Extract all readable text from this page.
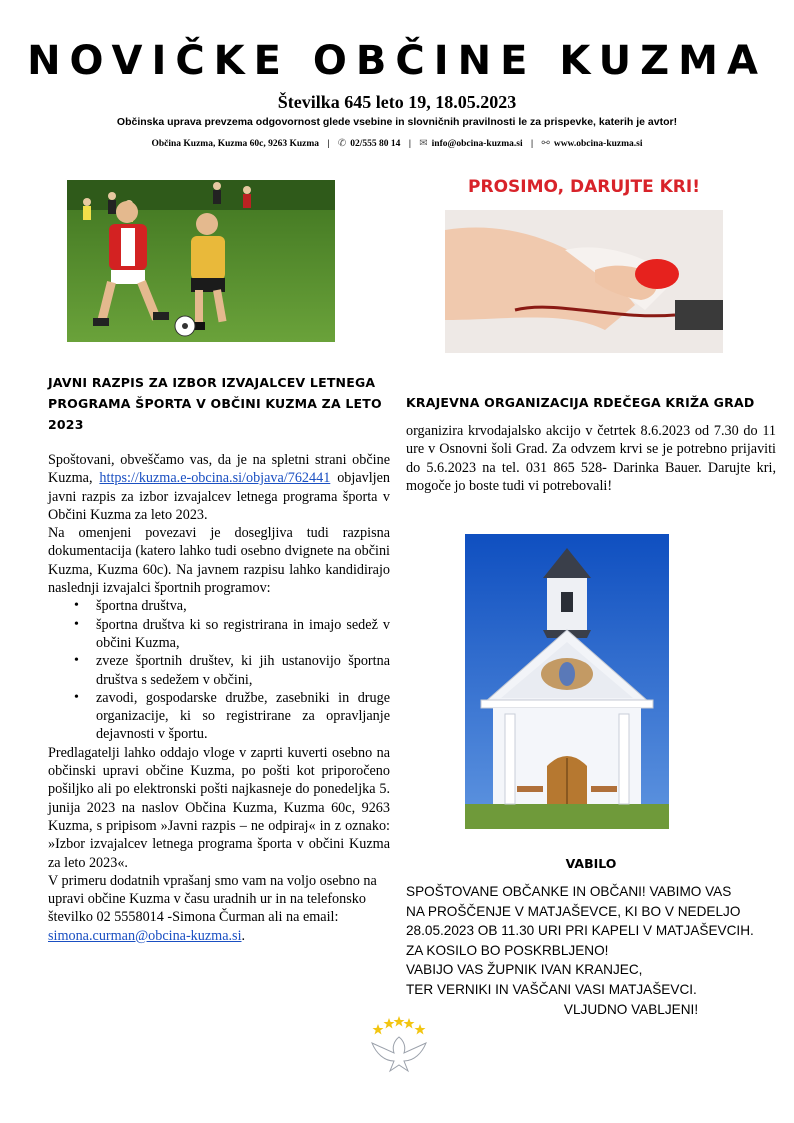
NOVIČKE OBČINE KUZMA
Številka 645 leto 19, 18.05.2023
Občinska uprava prevzema odgovornost glede vsebine in slovničnih pravilnosti le za prispevke, katerih je avtor!
Občina Kuzma, Kuzma 60c, 9263 Kuzma | ✆ 02/555 80 14 | ✉ info@obcina-kuzma.si | ⚯ www.obcina-kuzma.si
PROSIMO, DARUJTE KRI!
JAVNI RAZPIS ZA IZBOR IZVAJALCEV LETNEGA
PROGRAMA ŠPORTA V OBČINI KUZMA ZA LETO
2023

Spoštovani, obveščamo vas, da je na spletni strani občine Kuzma, https://kuzma.e-obcina.si/objava/762441 objavljen javni razpis za izbor izvajalcev letnega programa športa v Občini Kuzma za leto 2023.

Na omenjeni povezavi je dosegljiva tudi razpisna dokumentacija (katero lahko tudi osebno dvignete na občini Kuzma, Kuzma 60c). Na javnem razpisu lahko kandidirajo naslednji izvajalci športnih programov:

• športna društva,
• športna društva ki so registrirana in imajo sedež v občini Kuzma,
• zveze športnih društev, ki jih ustanovijo športna društva s sedežem v občini,
• zavodi, gospodarske družbe, zasebniki in druge organizacije, ki so registrirane za opravljanje dejavnosti v športu.

Predlagatelji lahko oddajo vloge v zaprti kuverti osebno na občinski upravi občine Kuzma, po pošti kot priporočeno pošiljko ali po elektronski pošti najkasneje do ponedeljka 5. junija 2023 na naslov Občina Kuzma, Kuzma 60c, 9263 Kuzma, s pripisom »Javni razpis – ne odpiraj« in z oznako: »Izbor izvajalcev letnega programa športa v občini Kuzma za leto 2023«.

V primeru dodatnih vprašanj smo vam na voljo osebno na upravi občine Kuzma v času uradnih ur in na telefonsko številko 02 5558014 -Simona Čurman ali na email: simona.curman@obcina-kuzma.si.

KRAJEVNA ORGANIZACIJA RDEČEGA KRIŽA GRAD

organizira krvodajalsko akcijo v četrtek 8.6.2023 od 7.30 do 11 ure v Osnovni šoli Grad. Za odvzem krvi se je potrebno prijaviti do 5.6.2023 na tel. 031 865 528- Darinka Bauer. Darujte kri, mogoče jo boste tudi vi potrebovali!

VABILO
SPOŠTOVANE OBČANKE IN OBČANI! VABIMO VAS
NA PROŠČENJE V MATJAŠEVCE, KI BO V NEDELJO
28.05.2023 OB 11.30 URI PRI KAPELI V MATJAŠEVCIH.
ZA KOSILO BO POSKRBLJENO!
VABIJO VAS ŽUPNIK IVAN KRANJEC,
TER VERNIKI IN VAŠČANI VASI MATJAŠEVCI.
VLJUDNO VABLJENI!
